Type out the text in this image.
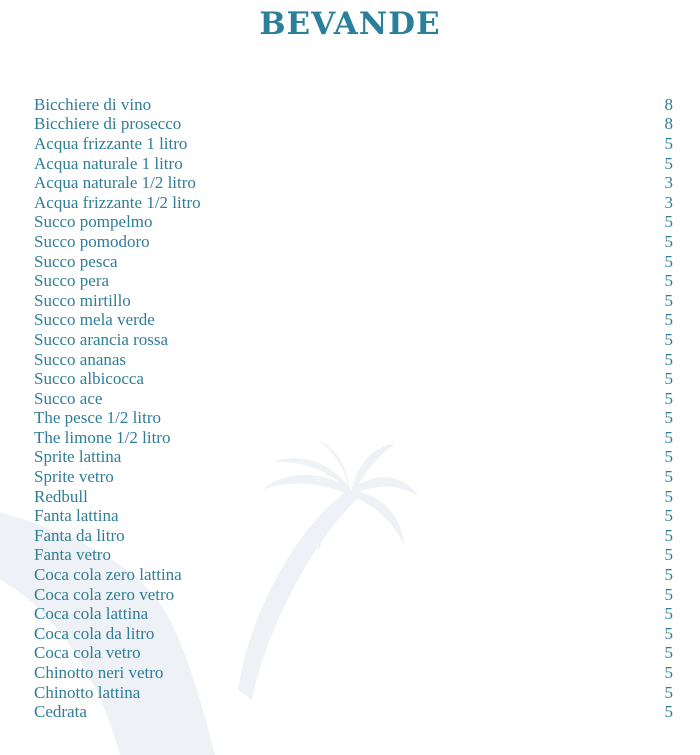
BEVANDE
Bicchiere di vino	8
Bicchiere di prosecco	8
Acqua frizzante 1 litro	5
Acqua naturale 1 litro	5
Acqua naturale 1/2 litro	3
Acqua frizzante 1/2 litro	3
Succo pompelmo	5
Succo pomodoro	5
Succo pesca	5
Succo pera	5
Succo mirtillo	5
Succo mela verde	5
Succo arancia rossa	5
Succo ananas	5
Succo albicocca	5
Succo ace	5
The pesce 1/2 litro	5
The limone 1/2 litro	5
Sprite lattina	5
Sprite vetro	5
Redbull	5
Fanta lattina	5
Fanta da litro	5
Fanta vetro	5
Coca cola zero lattina	5
Coca cola zero vetro	5
Coca cola lattina	5
Coca cola da litro	5
Coca cola vetro	5
Chinotto neri vetro	5
Chinotto lattina	5
Cedrata	5
